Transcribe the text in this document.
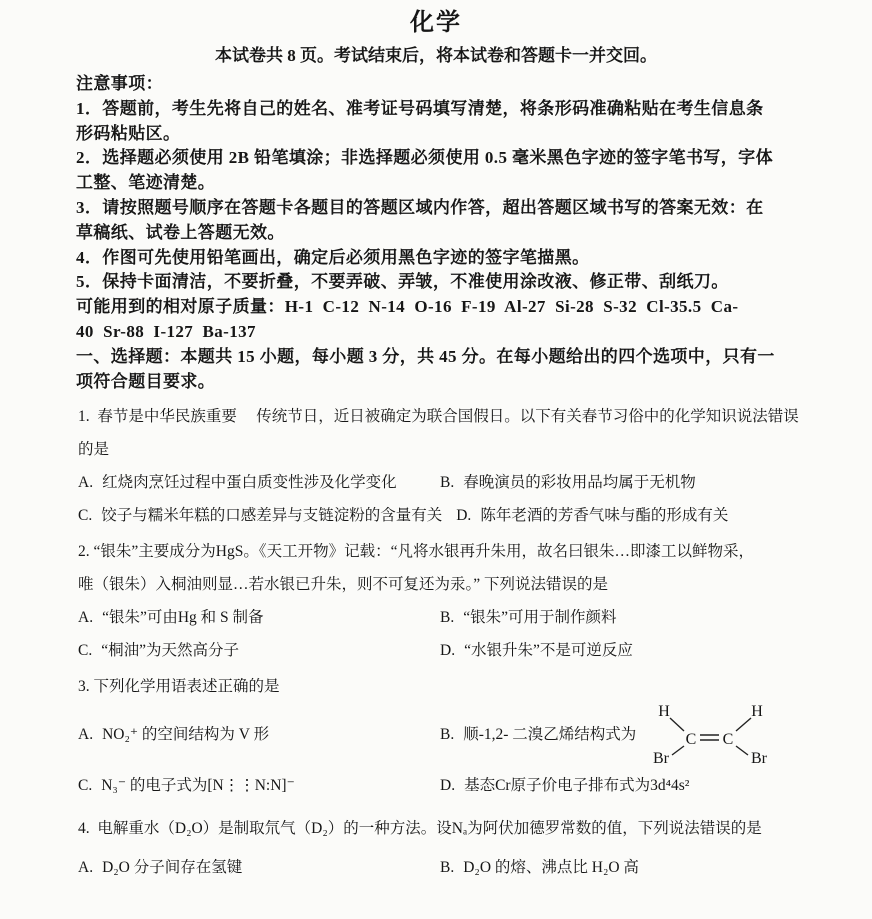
化学
本试卷共 8 页。考试结束后，将本试卷和答题卡一并交回。
注意事项：
1．答题前，考生先将自己的姓名、准考证号码填写清楚，将条形码准确粘贴在考生信息条
形码粘贴区。
2．选择题必须使用 2B 铅笔填涂；非选择题必须使用 0.5 毫米黑色字迹的签字笔书写，字体
工整、笔迹清楚。
3．请按照题号顺序在答题卡各题目的答题区域内作答，超出答题区域书写的答案无效：在
草稿纸、试卷上答题无效。
4．作图可先使用铅笔画出，确定后必须用黑色字迹的签字笔描黑。
5．保持卡面清洁，不要折叠，不要弄破、弄皱，不准使用涂改液、修正带、刮纸刀。
可能用到的相对原子质量：H-1  C-12  N-14  O-16  F-19  Al-27  Si-28  S-32  Cl-35.5  Ca-
40  Sr-88  I-127  Ba-137
一、选择题：本题共 15 小题，每小题 3 分，共 45 分。在每小题给出的四个选项中，只有一
项符合题目要求。
1.  春节是中华民族重要　 传统节日，近日被确定为联合国假日。以下有关春节习俗中的化学知识说法错误
的是
A. 红烧肉烹饪过程中蛋白质变性涉及化学变化	B. 春晚演员的彩妆用品均属于无机物
C. 饺子与糯米年糕的口感差异与支链淀粉的含量有关 D. 陈年老酒的芳香气味与酯的形成有关
2. “银朱”主要成分为HgS。《天工开物》记载：“凡将水银再升朱用，故名曰银朱…即漆工以鲜物采，
唯（银朱）入桐油则显…若水银已升朱，则不可复还为汞。” 下列说法错误的是
A. “银朱”可由Hg 和 S 制备	B. “银朱”可用于制作颜料
C. “桐油”为天然高分子	D. “水银升朱”不是可逆反应
3. 下列化学用语表述正确的是
A. NO₂⁺ 的空间结构为 V 形	B. 顺-1,2- 二溴乙烯结构式为
H	H
C C
Br	Br
C. N₃⁻ 的电子式为[N⋮⋮N:N]⁻	D. 基态Cr原子价电子排布式为3d⁴4s²
4.  电解重水（D₂O）是制取氘气（D₂）的一种方法。设Nₐ为阿伏加德罗常数的值，下列说法错误的是
A. D₂O 分子间存在氢键	B. D₂O 的熔、沸点比 H₂O 高
